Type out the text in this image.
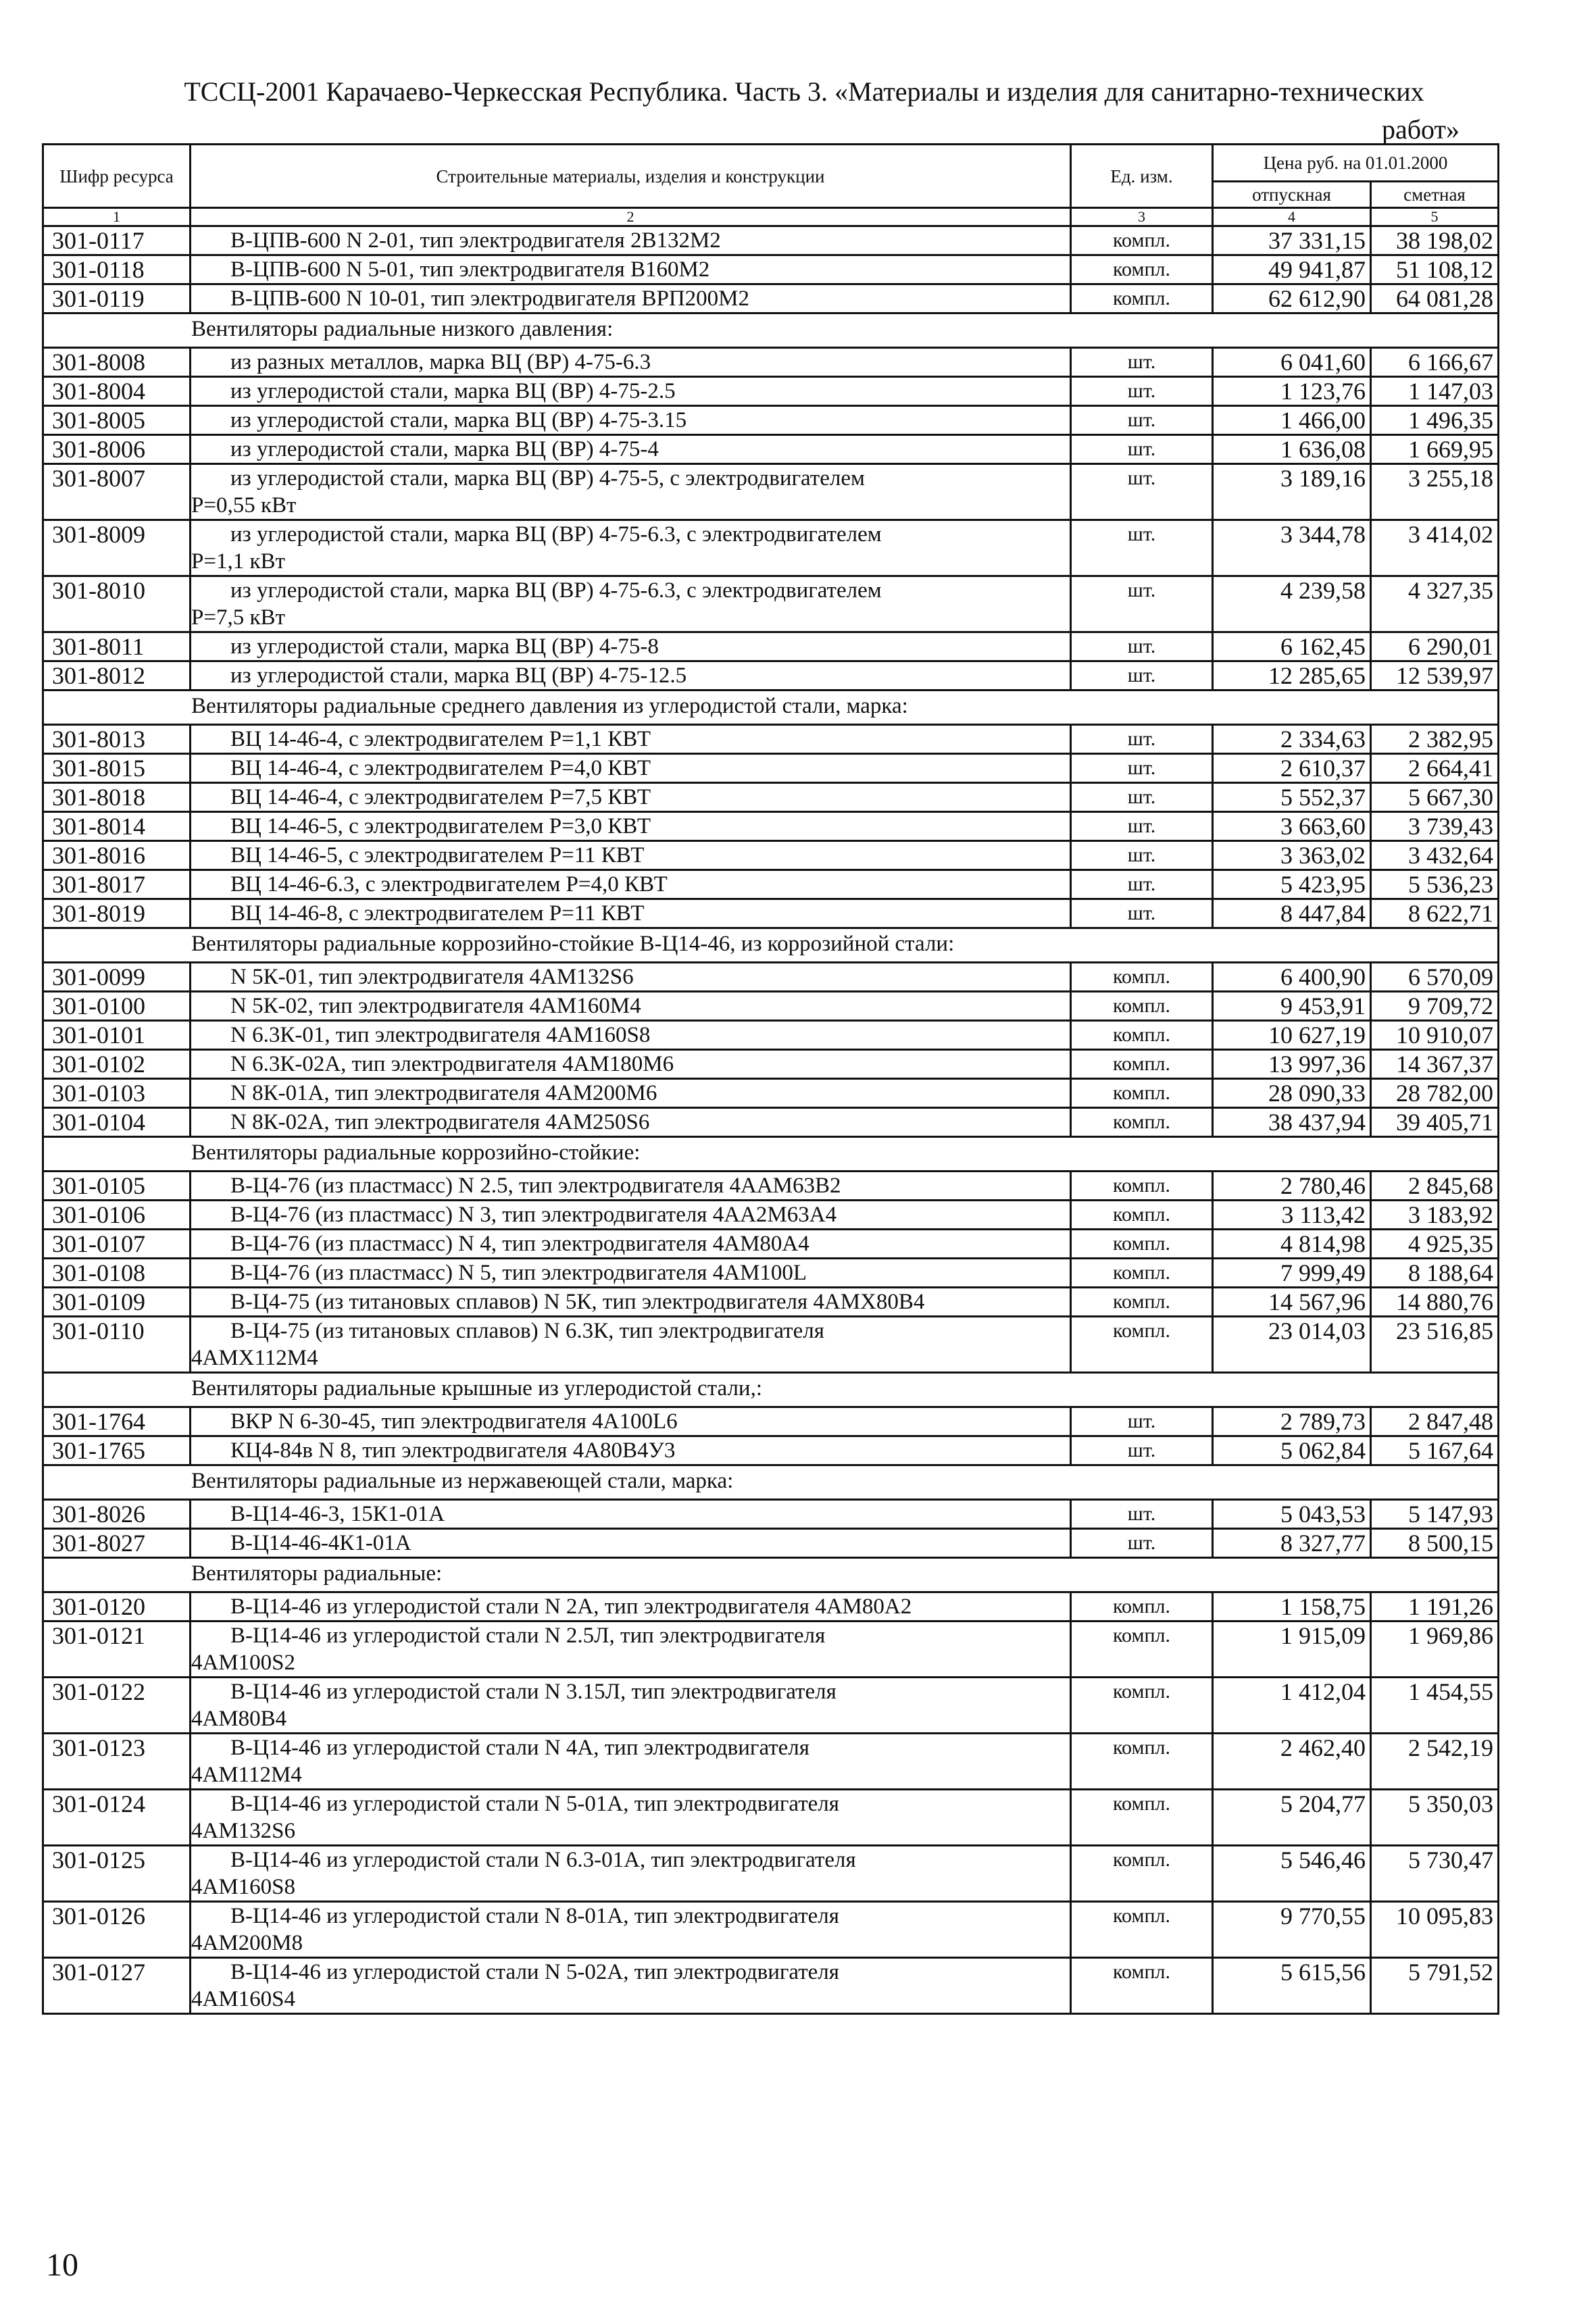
ТССЦ-2001 Карачаево-Черкесская Республика. Часть 3. «Материалы и изделия для санитарно-технических
работ»
Шифр ресурса	Строительные материалы, изделия и конструкции	Ед. изм.	Цена руб. на 01.01.2000	
			отпускная	сметная
1	2	3	4	5

301-0117	В-ЦПВ-600 N 2-01, тип электродвигателя 2В132М2	компл.	37 331,15	38 198,02

301-0118	В-ЦПВ-600 N 5-01, тип электродвигателя В160М2	компл.	49 941,87	51 108,12

301-0119	В-ЦПВ-600 N 10-01, тип электродвигателя ВРП200М2	компл.	62 612,90	64 081,28

Вентиляторы радиальные низкого давления:				

301-8008	из разных металлов, марка ВЦ (ВР) 4-75-6.3	шт.	6 041,60	6 166,67

301-8004	из углеродистой стали, марка ВЦ (ВР) 4-75-2.5	шт.	1 123,76	1 147,03

301-8005	из углеродистой стали, марка ВЦ (ВР) 4-75-3.15	шт.	1 466,00	1 496,35

301-8006	из углеродистой стали, марка ВЦ (ВР) 4-75-4	шт.	1 636,08	1 669,95

301-8007	из углеродистой стали, марка ВЦ (ВР) 4-75-5, с электродвигателем
Р=0,55 кВт	шт.	3 189,16	3 255,18

301-8009	из углеродистой стали, марка ВЦ (ВР) 4-75-6.3, с электродвигателем
Р=1,1 кВт	шт.	3 344,78	3 414,02

301-8010	из углеродистой стали, марка ВЦ (ВР) 4-75-6.3, с электродвигателем
Р=7,5 кВт	шт.	4 239,58	4 327,35

301-8011	из углеродистой стали, марка ВЦ (ВР) 4-75-8	шт.	6 162,45	6 290,01

301-8012	из углеродистой стали, марка ВЦ (ВР) 4-75-12.5	шт.	12 285,65	12 539,97

Вентиляторы радиальные среднего давления из углеродистой стали, марка:				

301-8013	ВЦ 14-46-4, с электродвигателем Р=1,1 КВТ	шт.	2 334,63	2 382,95

301-8015	ВЦ 14-46-4, с электродвигателем Р=4,0 КВТ	шт.	2 610,37	2 664,41

301-8018	ВЦ 14-46-4, с электродвигателем Р=7,5 КВТ	шт.	5 552,37	5 667,30

301-8014	ВЦ 14-46-5, с электродвигателем Р=3,0 КВТ	шт.	3 663,60	3 739,43

301-8016	ВЦ 14-46-5, с электродвигателем Р=11 КВТ	шт.	3 363,02	3 432,64

301-8017	ВЦ 14-46-6.3, с электродвигателем Р=4,0 КВТ	шт.	5 423,95	5 536,23

301-8019	ВЦ 14-46-8, с электродвигателем Р=11 КВТ	шт.	8 447,84	8 622,71

Вентиляторы радиальные коррозийно-стойкие В-Ц14-46, из коррозийной стали:				

301-0099	N 5К-01, тип электродвигателя 4АМ132S6	компл.	6 400,90	6 570,09

301-0100	N 5К-02, тип электродвигателя 4АМ160М4	компл.	9 453,91	9 709,72

301-0101	N 6.3К-01, тип электродвигателя 4АМ160S8	компл.	10 627,19	10 910,07

301-0102	N 6.3К-02А, тип электродвигателя 4АМ180М6	компл.	13 997,36	14 367,37

301-0103	N 8К-01А, тип электродвигателя 4АМ200М6	компл.	28 090,33	28 782,00

301-0104	N 8К-02А, тип электродвигателя 4АМ250S6	компл.	38 437,94	39 405,71

Вентиляторы радиальные коррозийно-стойкие:				

301-0105	В-Ц4-76 (из пластмасс) N 2.5, тип электродвигателя 4ААМ63В2	компл.	2 780,46	2 845,68

301-0106	В-Ц4-76 (из пластмасс) N 3, тип электродвигателя 4АА2М63А4	компл.	3 113,42	3 183,92

301-0107	В-Ц4-76 (из пластмасс) N 4, тип электродвигателя 4АМ80А4	компл.	4 814,98	4 925,35

301-0108	В-Ц4-76 (из пластмасс) N 5, тип электродвигателя 4АМ100L	компл.	7 999,49	8 188,64

301-0109	В-Ц4-75 (из титановых сплавов) N 5К, тип электродвигателя 4АМХ80В4	компл.	14 567,96	14 880,76

301-0110	В-Ц4-75 (из титановых сплавов) N 6.3К, тип электродвигателя
4АМХ112М4	компл.	23 014,03	23 516,85

Вентиляторы радиальные крышные из углеродистой стали,:				

301-1764	ВКР N 6-30-45, тип электродвигателя 4А100L6	шт.	2 789,73	2 847,48

301-1765	КЦ4-84в N 8, тип электродвигателя 4А80В4У3	шт.	5 062,84	5 167,64

Вентиляторы радиальные из нержавеющей стали, марка:				

301-8026	В-Ц14-46-3, 15К1-01А	шт.	5 043,53	5 147,93

301-8027	В-Ц14-46-4К1-01А	шт.	8 327,77	8 500,15

Вентиляторы радиальные:				

301-0120	В-Ц14-46 из углеродистой стали N 2А, тип электродвигателя 4АМ80А2	компл.	1 158,75	1 191,26

301-0121	В-Ц14-46 из углеродистой стали N 2.5Л, тип электродвигателя
4АМ100S2	компл.	1 915,09	1 969,86

301-0122	В-Ц14-46 из углеродистой стали N 3.15Л, тип электродвигателя
4АМ80В4	компл.	1 412,04	1 454,55

301-0123	В-Ц14-46 из углеродистой стали N 4А, тип электродвигателя
4АМ112М4	компл.	2 462,40	2 542,19

301-0124	В-Ц14-46 из углеродистой стали N 5-01А, тип электродвигателя
4АМ132S6	компл.	5 204,77	5 350,03

301-0125	В-Ц14-46 из углеродистой стали N 6.3-01А, тип электродвигателя
4АМ160S8	компл.	5 546,46	5 730,47

301-0126	В-Ц14-46 из углеродистой стали N 8-01А, тип электродвигателя
4АМ200М8	компл.	9 770,55	10 095,83

301-0127	В-Ц14-46 из углеродистой стали N 5-02А, тип электродвигателя
4АМ160S4	компл.	5 615,56	5 791,52
10
